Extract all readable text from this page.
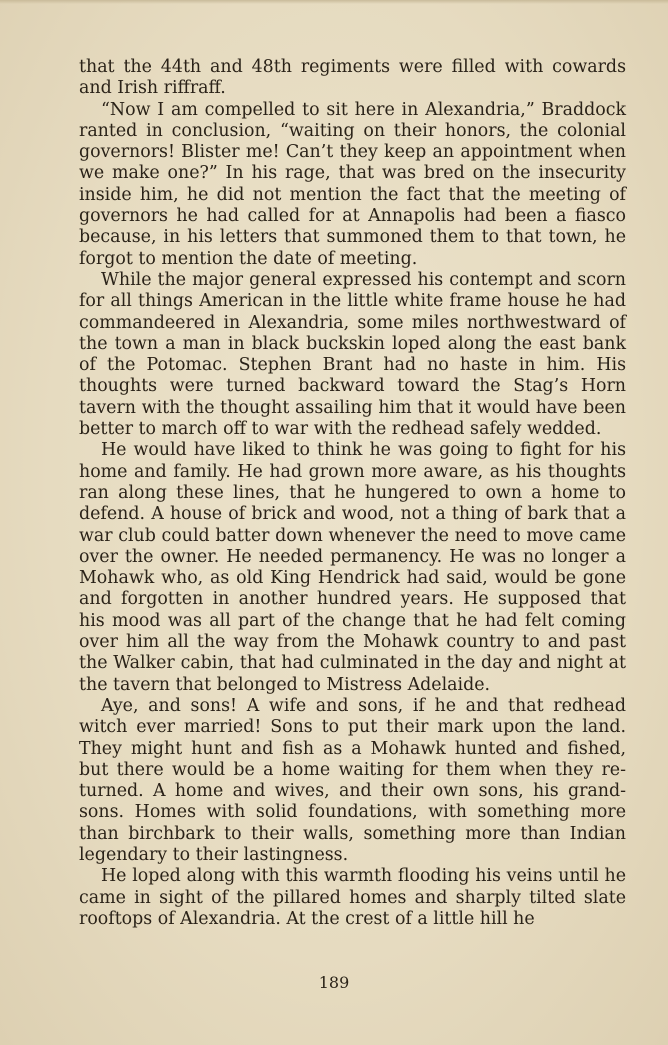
that the 44th and 48th regiments were filled with cowards and Irish riffraff.

“Now I am compelled to sit here in Alexandria,” Braddock ranted in conclusion, “waiting on their honors, the colonial governors! Blister me! Can’t they keep an appointment when we make one?” In his rage, that was bred on the insecurity inside him, he did not mention the fact that the meeting of governors he had called for at Annapolis had been a fiasco because, in his letters that summoned them to that town, he forgot to mention the date of meeting.

While the major general expressed his contempt and scorn for all things American in the little white frame house he had commandeered in Alexandria, some miles northwestward of the town a man in black buckskin loped along the east bank of the Potomac. Stephen Brant had no haste in him. His thoughts were turned backward toward the Stag’s Horn tavern with the thought assailing him that it would have been better to march off to war with the redhead safely wedded.

He would have liked to think he was going to fight for his home and family. He had grown more aware, as his thoughts ran along these lines, that he hungered to own a home to defend. A house of brick and wood, not a thing of bark that a war club could batter down whenever the need to move came over the owner. He needed permanency. He was no longer a Mohawk who, as old King Hendrick had said, would be gone and forgotten in another hundred years. He supposed that his mood was all part of the change that he had felt coming over him all the way from the Mohawk country to and past the Walker cabin, that had culminated in the day and night at the tavern that belonged to Mistress Adelaide.

Aye, and sons! A wife and sons, if he and that redhead witch ever married! Sons to put their mark upon the land. They might hunt and fish as a Mohawk hunted and fished, but there would be a home waiting for them when they returned. A home and wives, and their own sons, his grandsons. Homes with solid foundations, with something more than birchbark to their walls, something more than Indian legendary to their lastingness.

He loped along with this warmth flooding his veins until he came in sight of the pillared homes and sharply tilted slate rooftops of Alexandria. At the crest of a little hill he

189
